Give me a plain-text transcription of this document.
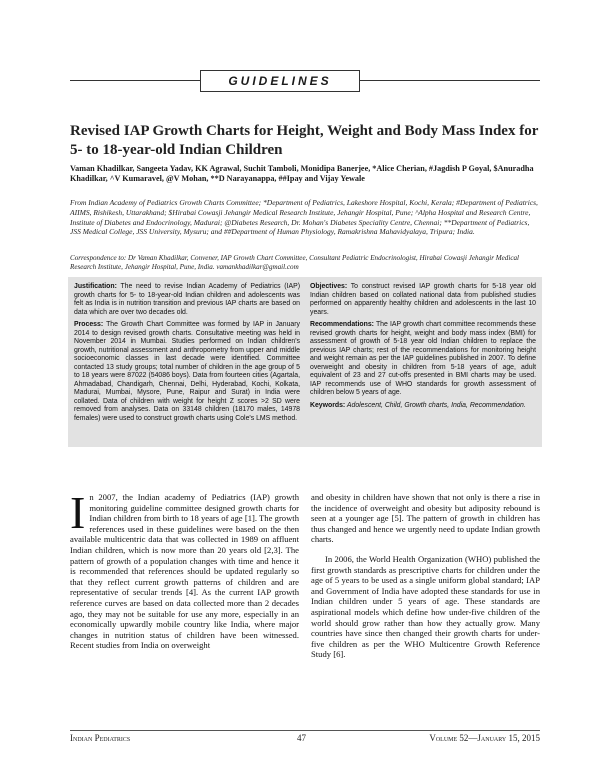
GUIDELINES
Revised IAP Growth Charts for Height, Weight and Body Mass Index for 5- to 18-year-old Indian Children
Vaman Khadilkar, Sangeeta Yadav, KK Agrawal, Suchit Tamboli, Monidipa Banerjee, *Alice Cherian, #Jagdish P Goyal, $Anuradha Khadilkar, ^V Kumaravel, @V Mohan, **D Narayanappa, ##Ipay and Vijay Yewale
From Indian Academy of Pediatrics Growth Charts Committee; *Department of Pediatrics, Lakeshore Hospital, Kochi, Kerala; #Department of Pediatrics, AIIMS, Rishikesh, Uttarakhand; $Hirabai Cowasji Jehangir Medical Research Institute, Jehangir Hospital, Pune; ^Alpha Hospital and Research Centre, Institute of Diabetes and Endocrinology, Madurai; @Diabetes Research, Dr. Mohan's Diabetes Speciality Centre, Chennai; **Department of Pediatrics, JSS Medical College, JSS University, Mysuru; and ##Department of Human Physiology, Ramakrishna Mahavidyalaya, Tripura; India.
Correspondence to: Dr Vaman Khadilkar, Convener, IAP Growth Chart Committee, Consultant Pediatric Endocrinologist, Hirabai Cowasji Jehangir Medical Research Institute, Jehangir Hospital, Pune, India. vamankhadilkar@gmail.com

Justification: The need to revise Indian Academy of Pediatrics (IAP) growth charts for 5- to 18-year-old Indian children and adolescents was felt as India is in nutrition transition and previous IAP charts are based on data which are over two decades old.

Process: The Growth Chart Committee was formed by IAP in January 2014 to design revised growth charts. Consultative meeting was held in November 2014 in Mumbai. Studies performed on Indian children's growth, nutritional assessment and anthropometry from upper and middle socioeconomic classes in last decade were identified. Committee contacted 13 study groups; total number of children in the age group of 5 to 18 years were 87022 (54086 boys). Data from fourteen cities (Agartala, Ahmadabad, Chandigarh, Chennai, Delhi, Hyderabad, Kochi, Kolkata, Madurai, Mumbai, Mysore, Pune, Raipur and Surat) in India were collated. Data of children with weight for height Z scores >2 SD were removed from analyses. Data on 33148 children (18170 males, 14978 females) were used to construct growth charts using Cole's LMS method.

Objectives: To construct revised IAP growth charts for 5-18 year old Indian children based on collated national data from published studies performed on apparently healthy children and adolescents in the last 10 years.

Recommendations: The IAP growth chart committee recommends these revised growth charts for height, weight and body mass index (BMI) for assessment of growth of 5-18 year old Indian children to replace the previous IAP charts; rest of the recommendations for monitoring height and weight remain as per the IAP guidelines published in 2007. To define overweight and obesity in children from 5-18 years of age, adult equivalent of 23 and 27 cut-offs presented in BMI charts may be used. IAP recommends use of WHO standards for growth assessment of children below 5 years of age.

Keywords: Adolescent, Child, Growth charts, India, Recommendation.

In 2007, the Indian academy of Pediatrics (IAP) growth monitoring guideline committee designed growth charts for Indian children from birth to 18 years of age [1]. The growth references used in these guidelines were based on the then available multicentric data that was collected in 1989 on affluent Indian children, which is now more than 20 years old [2,3]. The pattern of growth of a population changes with time and hence it is recommended that references should be updated regularly so that they reflect current growth patterns of children and are representative of secular trends [4]. As the current IAP growth reference curves are based on data collected more than 2 decades ago, they may not be suitable for use any more, especially in an economically upwardly mobile country like India, where major changes in nutrition status of children have been witnessed. Recent studies from India on overweight

and obesity in children have shown that not only is there a rise in the incidence of overweight and obesity but adiposity rebound is seen at a younger age [5]. The pattern of growth in children has thus changed and hence we urgently need to update Indian growth charts.

In 2006, the World Health Organization (WHO) published the first growth standards as prescriptive charts for children under the age of 5 years to be used as a single uniform global standard; IAP and Government of India have adopted these standards for use in Indian children under 5 years of age. These standards are aspirational models which define how under-five children of the world should grow rather than how they actually grow. Many countries have since then changed their growth charts for under-five children as per the WHO Multicentre Growth Reference Study [6].

Indian Pediatrics	47	Volume 52—January 15, 2015
